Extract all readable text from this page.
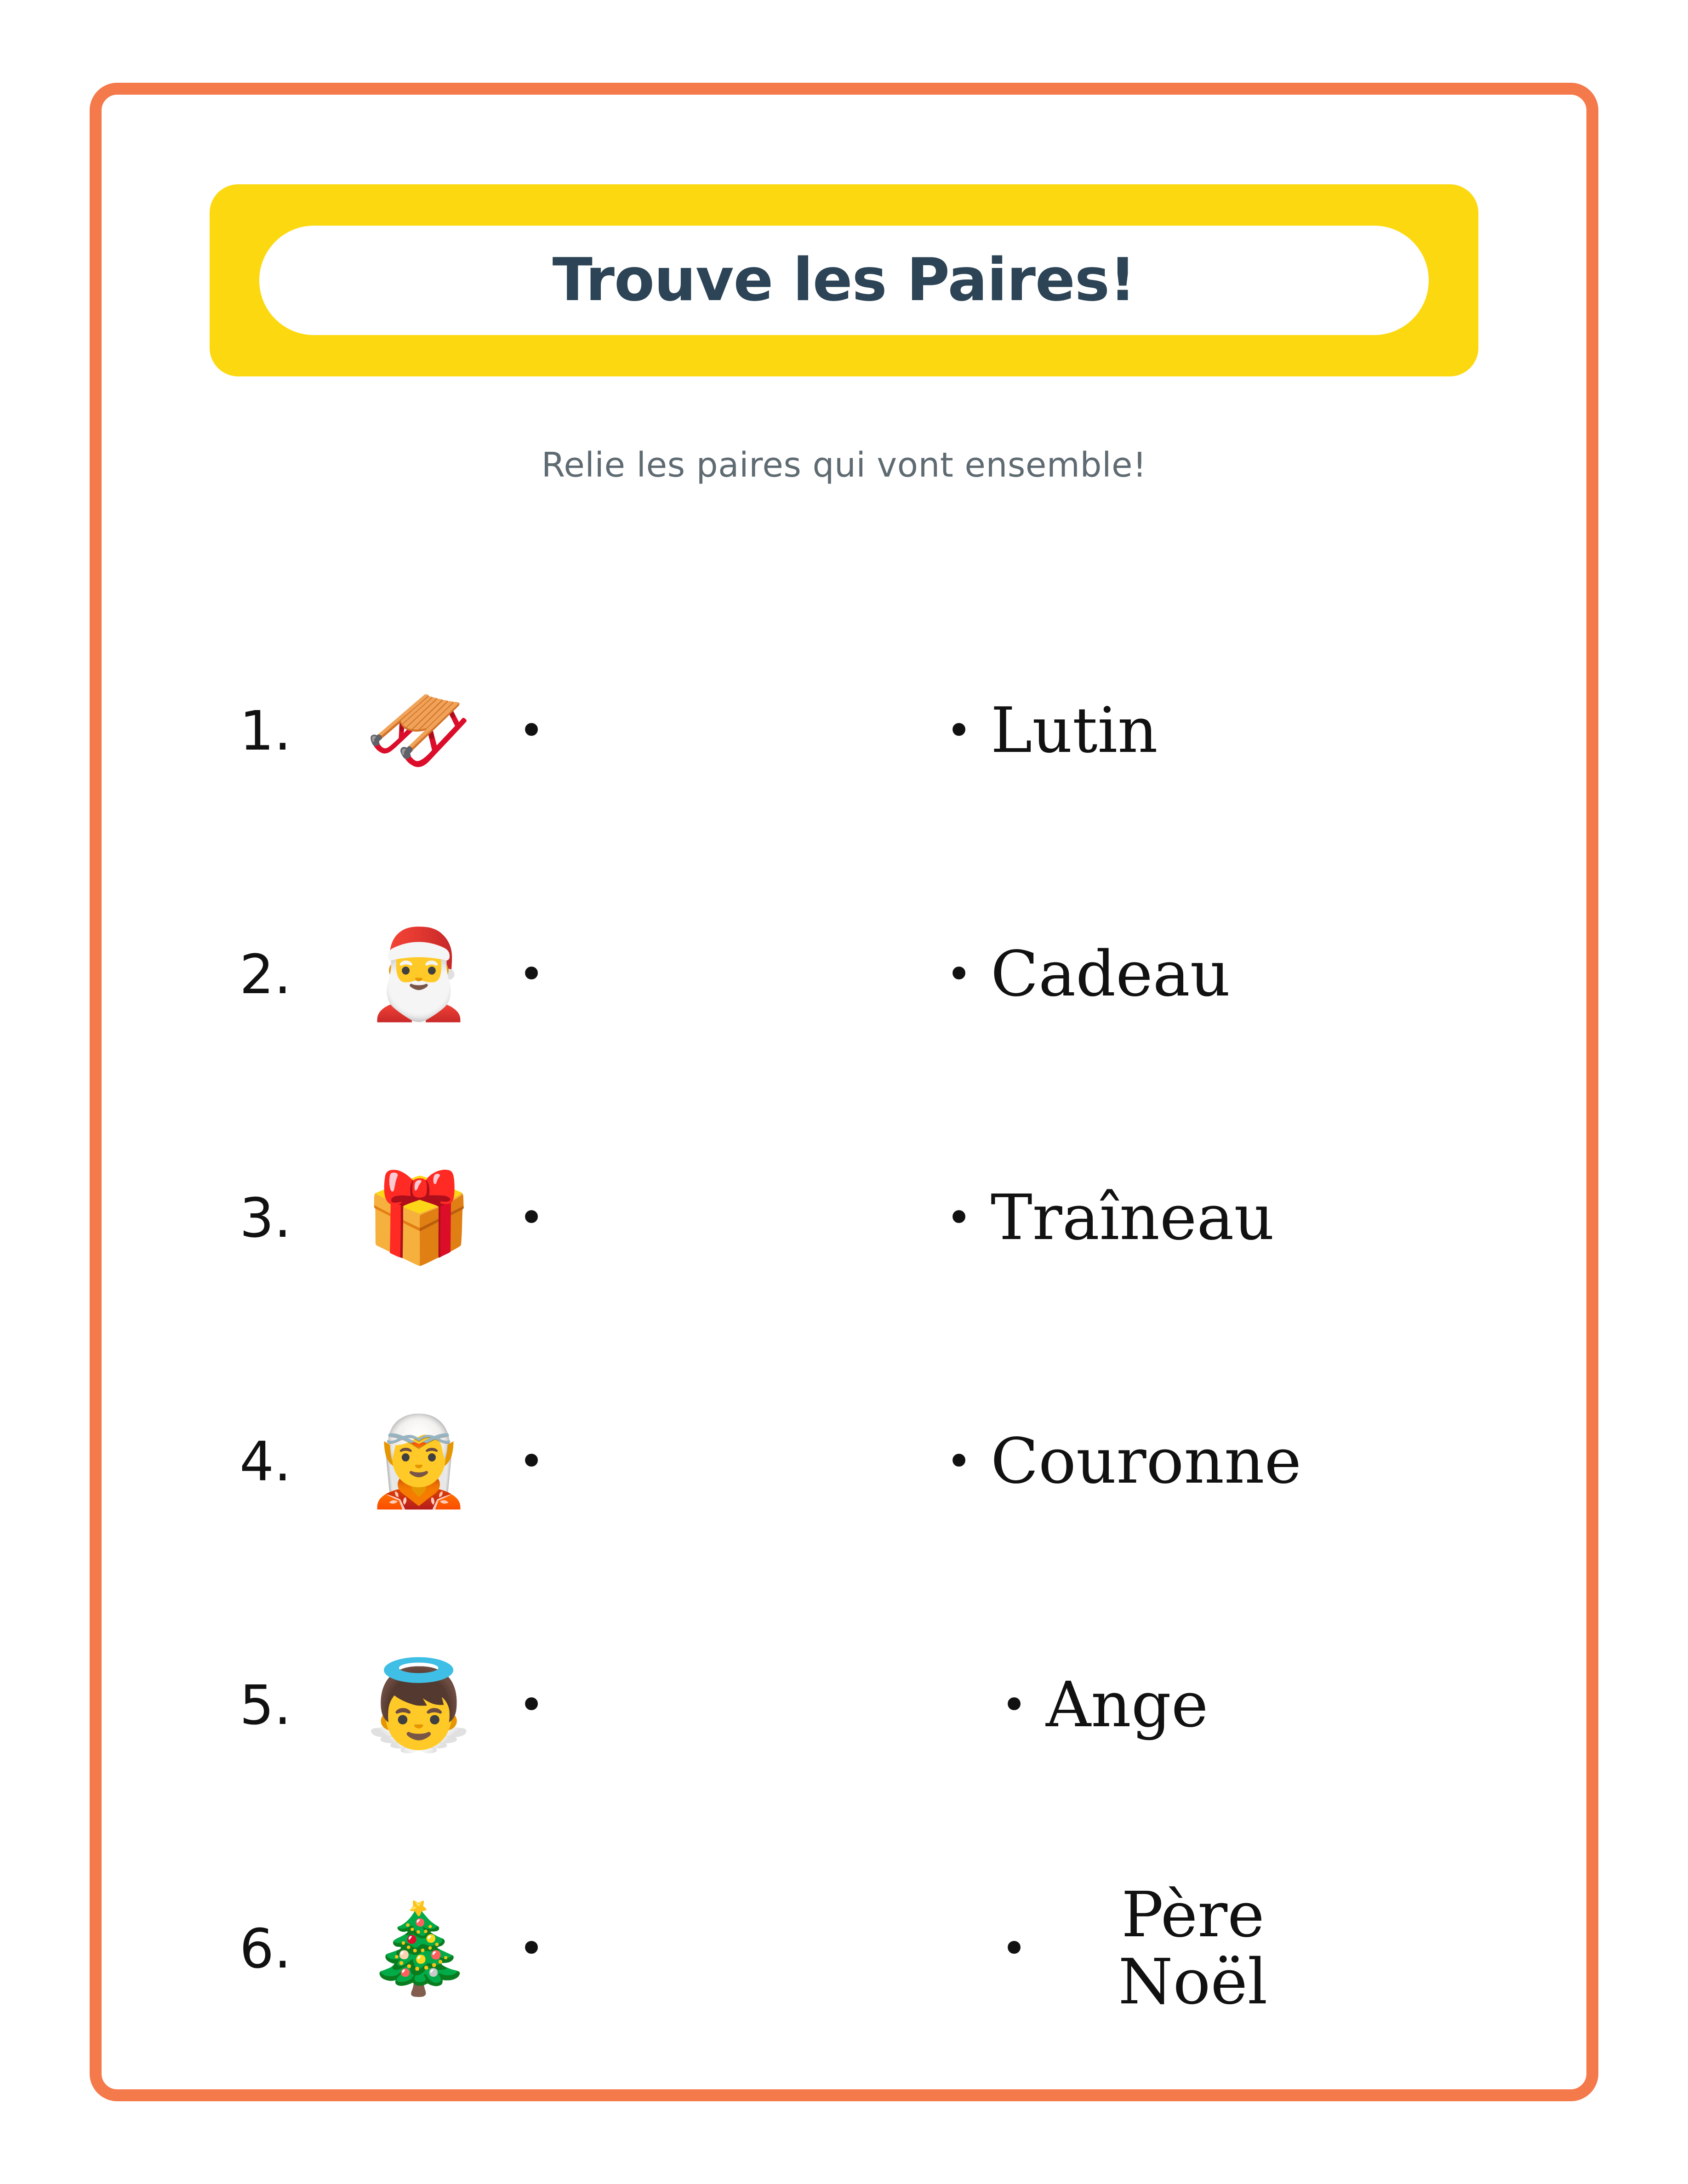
Trouve les Paires!
Relie les paires qui vont ensemble!
1. 🛷	•
2. 🎅	•
3. 🎁	•
4. 🧝	•
5. 👼	•
6. 🎄	•
• Lutin
• Cadeau
• Traîneau
• Couronne
• Ange
•	Père Noël
